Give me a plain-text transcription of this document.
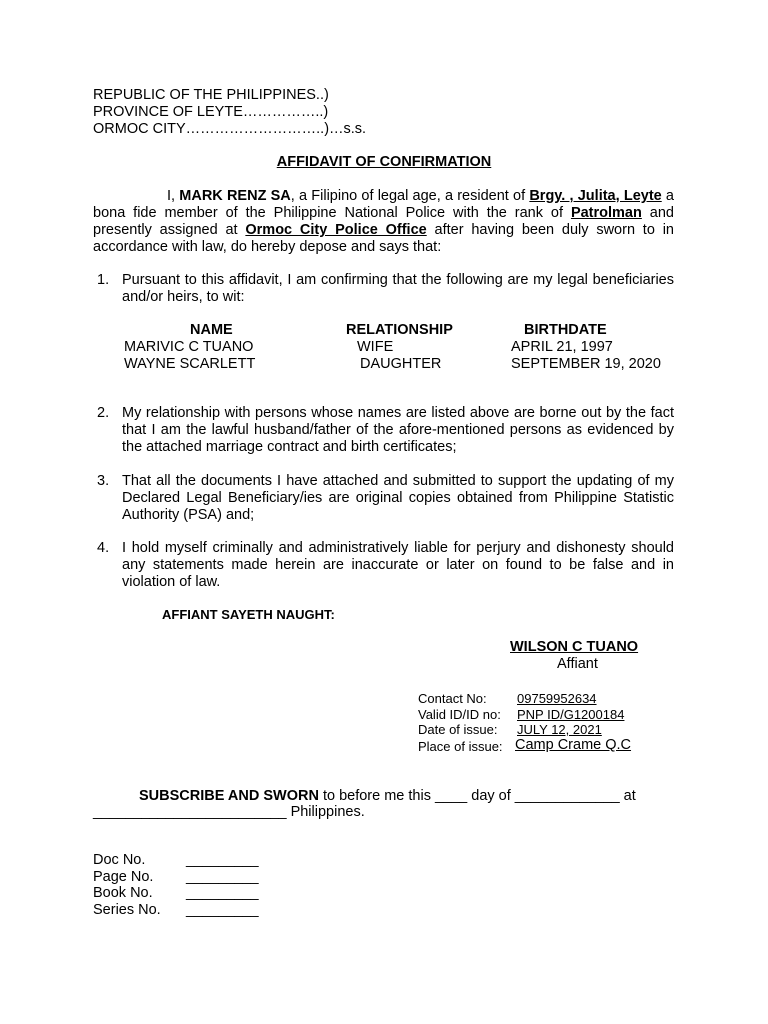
REPUBLIC OF THE PHILIPPINES..)
PROVINCE OF LEYTE……………..)
ORMOC CITY………………………..)…s.s.
AFFIDAVIT OF CONFIRMATION
I, MARK RENZ SA, a Filipino of legal age, a resident of Brgy. , Julita, Leyte a bona fide member of the Philippine National Police with the rank of Patrolman and presently assigned at Ormoc City Police Office after having been duly sworn to in accordance with law, do hereby depose and says that:
1. Pursuant to this affidavit, I am confirming that the following are my legal beneficiaries and/or heirs, to wit:
NAME	RELATIONSHIP	BIRTHDATE
MARIVIC C TUANO	WIFE	APRIL 21, 1997
WAYNE SCARLETT	DAUGHTER	SEPTEMBER 19, 2020
2. My relationship with persons whose names are listed above are borne out by the fact that I am the lawful husband/father of the afore-mentioned persons as evidenced by the attached marriage contract and birth certificates;
3. That all the documents I have attached and submitted to support the updating of my Declared Legal Beneficiary/ies are original copies obtained from Philippine Statistic Authority (PSA) and;
4. I hold myself criminally and administratively liable for perjury and dishonesty should any statements made herein are inaccurate or later on found to be false and in violation of law.
AFFIANT SAYETH NAUGHT:
WILSON C TUANO
Affiant
Contact No: 09759952634
Valid ID/ID no: PNP ID/G1200184
Date of issue: JULY 12, 2021
Place of issue: Camp Crame Q.C
SUBSCRIBE AND SWORN to before me this ____ day of _____________ at
________________________ Philippines.
Doc No.	_________
Page No. _________
Book No. _________
Series No. _________
